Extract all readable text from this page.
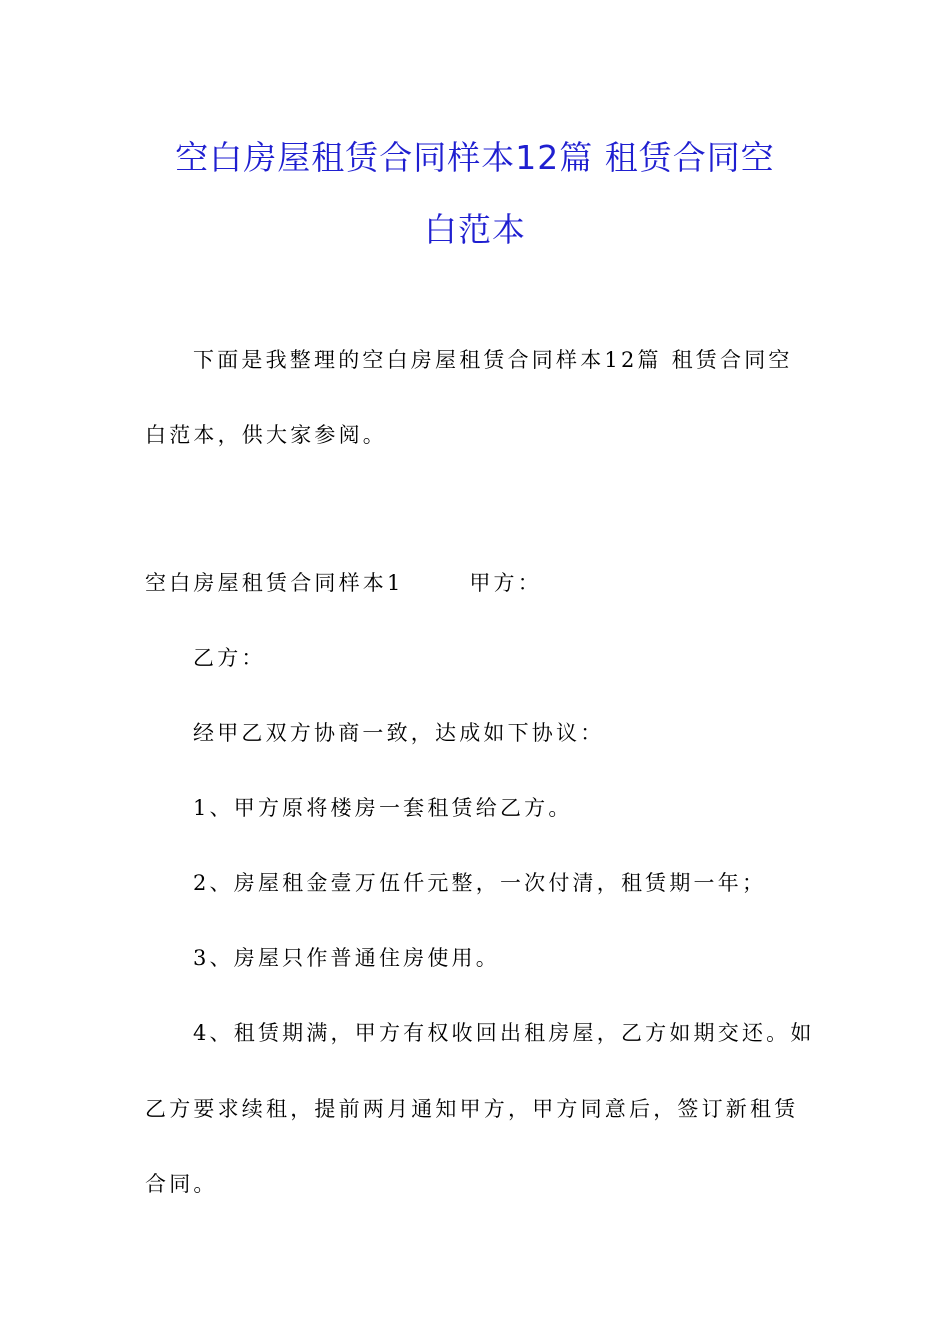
空白房屋租赁合同样本12篇 租赁合同空
白范本
下面是我整理的空白房屋租赁合同样本12篇 租赁合同空
白范本，供大家参阅。
空白房屋租赁合同样本1	甲方：
乙方：
经甲乙双方协商一致，达成如下协议：
1、甲方原将楼房一套租赁给乙方。
2、房屋租金壹万伍仟元整，一次付清，租赁期一年；
3、房屋只作普通住房使用。
4、租赁期满，甲方有权收回出租房屋，乙方如期交还。如
乙方要求续租，提前两月通知甲方，甲方同意后，签订新租赁
合同。
